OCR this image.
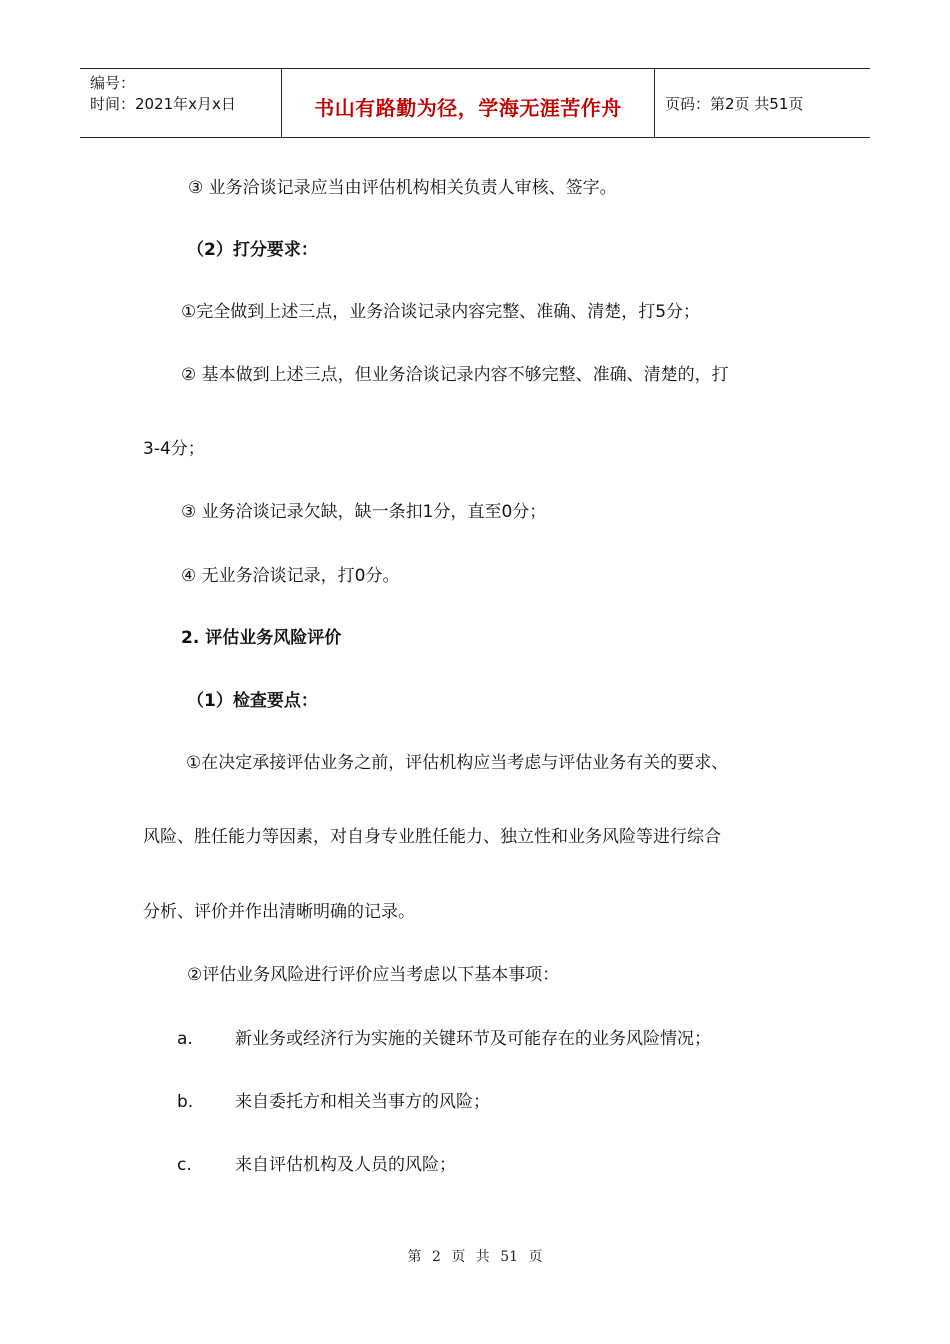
编号：
时间：2021年x月x日	书山有路勤为径，学海无涯苦作舟	页码：第2页 共51页
③ 业务洽谈记录应当由评估机构相关负责人审核、签字。
（2）打分要求：
①完全做到上述三点，业务洽谈记录内容完整、准确、清楚，打5分；
② 基本做到上述三点，但业务洽谈记录内容不够完整、准确、清楚的，打
3-4分；
③ 业务洽谈记录欠缺，缺一条扣1分，直至0分；
④ 无业务洽谈记录，打0分。
2. 评估业务风险评价
（1）检查要点：
①在决定承接评估业务之前，评估机构应当考虑与评估业务有关的要求、
风险、胜任能力等因素，对自身专业胜任能力、独立性和业务风险等进行综合
分析、评价并作出清晰明确的记录。
②评估业务风险进行评价应当考虑以下基本事项：
a. 新业务或经济行为实施的关键环节及可能存在的业务风险情况；
b. 来自委托方和相关当事方的风险；
c.	来自评估机构及人员的风险；
第 2 页 共 51 页
